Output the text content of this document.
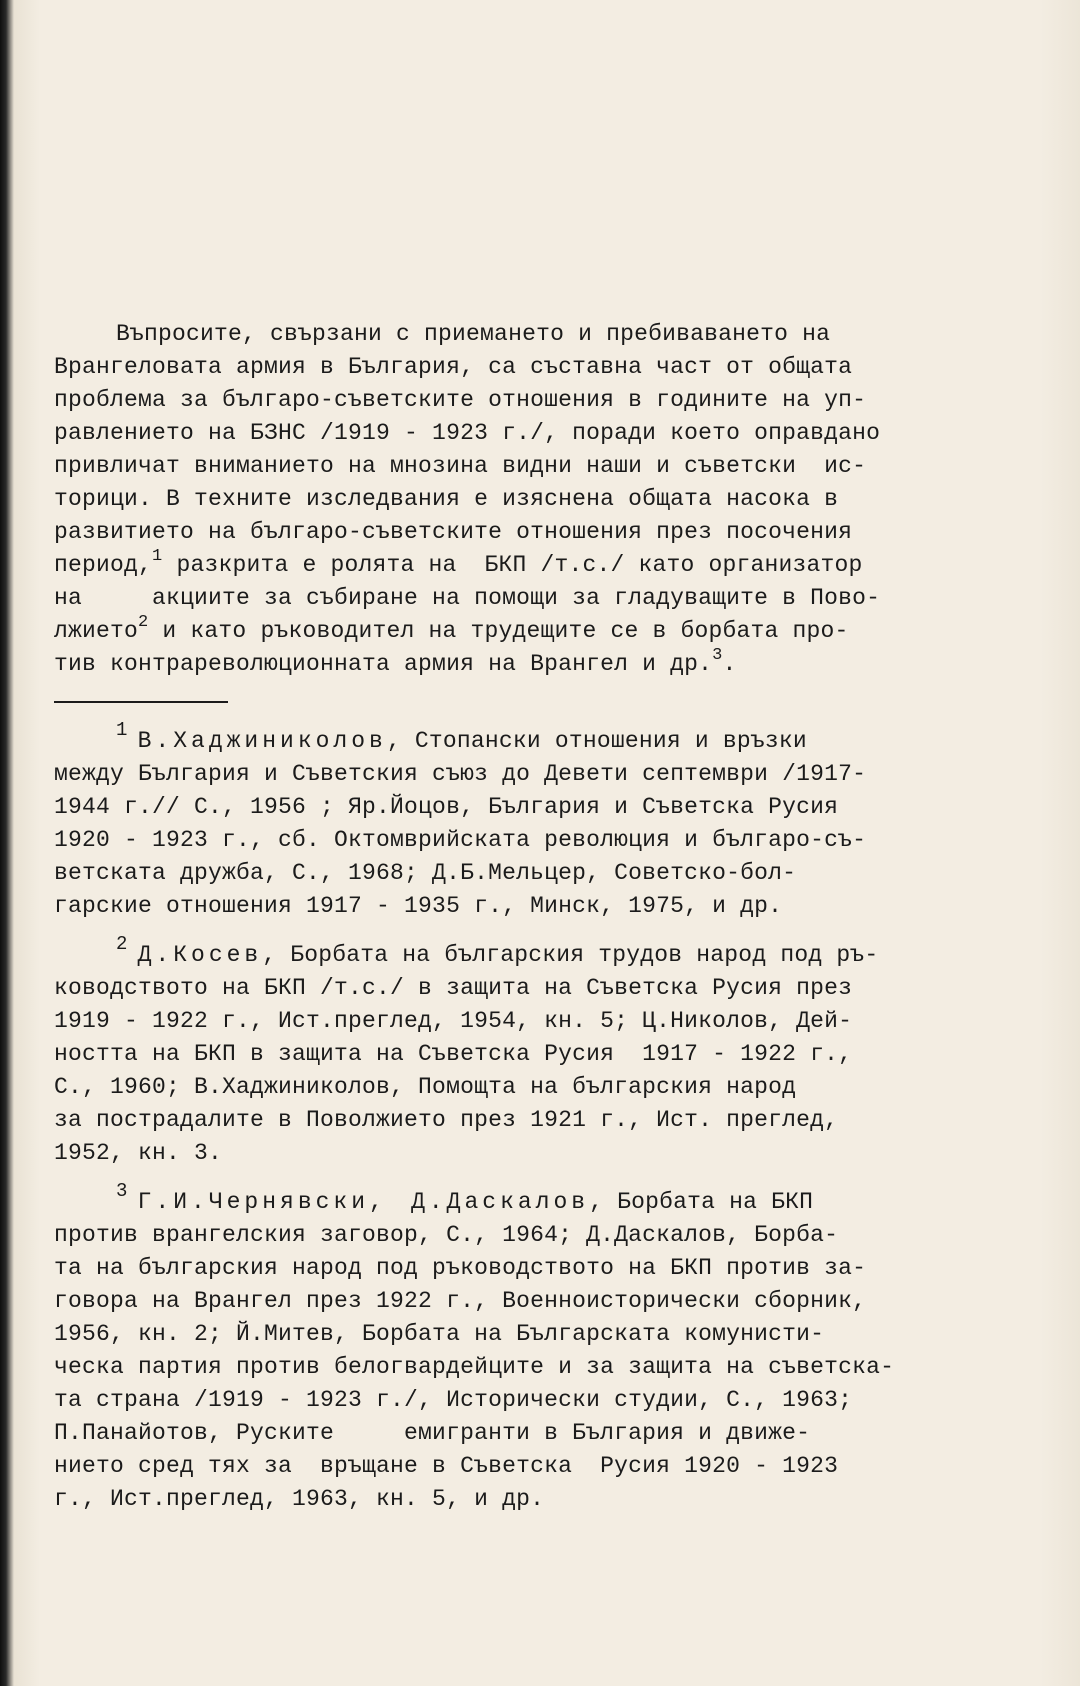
Въпросите, свързани с приемането и пребиваването на
Врангеловата армия в България, са съставна част от общата
проблема за българо-съветските отношения в годините на уп-
равлението на БЗНС /1919 - 1923 г./, поради което оправдано
привличат вниманието на мнозина видни наши и съветски  ис-
торици. В техните изследвания е изяснена общата насока в
развитието на българо-съветските отношения през посочения
период,$^1$ разкрита е ролята на  БКП /т.с./ като организатор
на     акциите за събиране на помощи за гладуващите в Пово-
лжието$^2$ и като ръководител на трудещите се в борбата про-
тив контрареволюционната армия на Врангел и др.$^3$.
$^1$ В.Хаджиниколов, Стопански отношения и връзки
между България и Съветския съюз до Девети септември /1917-
1944 г.// С., 1956 ; Яр.Йоцов, България и Съветска Русия
1920 - 1923 г., сб. Октомврийската революция и българо-съ-
ветската дружба, С., 1968; Д.Б.Мельцер, Советско-бол-
гарские отношения 1917 - 1935 г., Минск, 1975, и др.
$^2$ Д.Косев, Борбата на българския трудов народ под ръ-
ководството на БКП /т.с./ в защита на Съветска Русия през
1919 - 1922 г., Ист.преглед, 1954, кн. 5; Ц.Николов, Дей-
ността на БКП в защита на Съветска Русия  1917 - 1922 г.,
С., 1960; В.Хаджиниколов, Помощта на българския народ
за пострадалите в Поволжието през 1921 г., Ист. преглед,
1952, кн. 3.
$^3$ Г.И.Чернявски,  Д.Даскалов, Борбата на БКП
против врангелския заговор, С., 1964; Д.Даскалов, Борба-
та на българския народ под ръководството на БКП против за-
говора на Врангел през 1922 г., Военноисторически сборник,
1956, кн. 2; Й.Митев, Борбата на Българската комунисти-
ческа партия против белогвардейците и за защита на съветска-
та страна /1919 - 1923 г./, Исторически студии, С., 1963;
П.Панайотов, Руските     емигранти в България и движе-
нието сред тях за  връщане в Съветска  Русия 1920 - 1923
г., Ист.преглед, 1963, кн. 5, и др.
